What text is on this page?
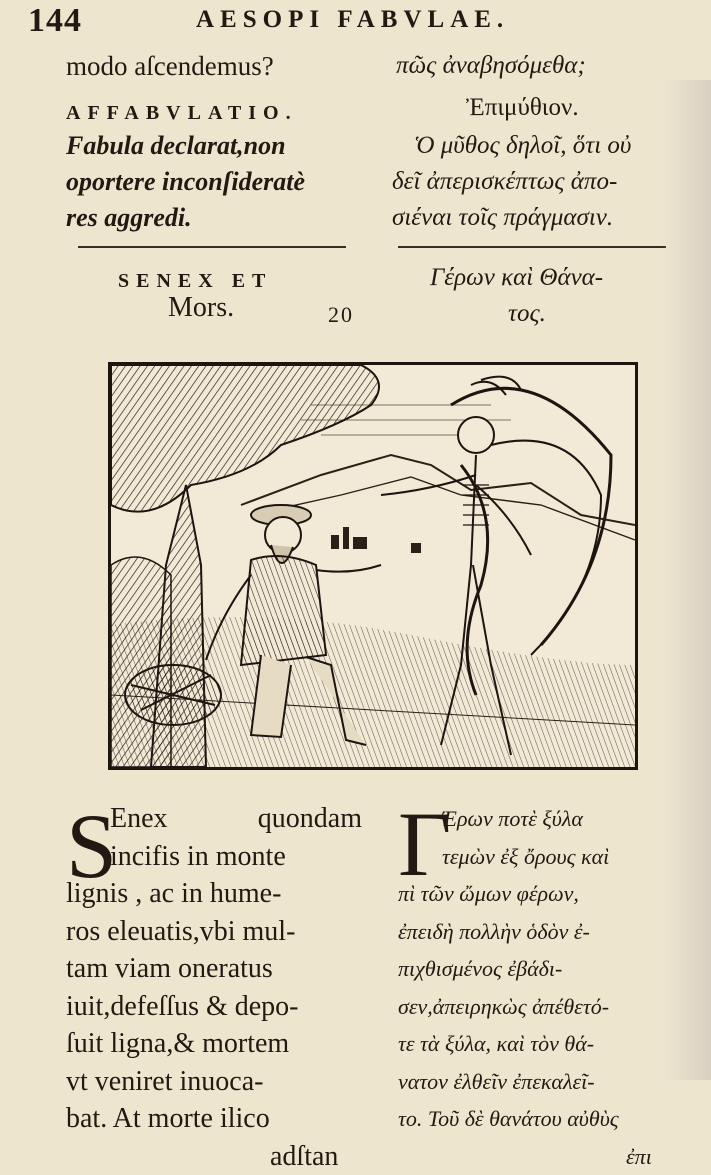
144	AESOPI FABVLAE.
modo aſcendemus?
AFFABVLATIO.
Fabula declarat,non
oportere inconſideratè
res aggredi.
πῶς ἀναβησόμεθα;
Ἐπιμύθιον.
Ὁ μῦθος δηλοῖ, ὅτι οὐ
δεῖ ἀπερισκέπτως ἀπο-
σιέναι τοῖς πράγμασιν.
SENEX ET
Mors.	20
Γέρων καὶ Θάνα-
τος.
S
Enex	quondam
incifis in monte
lignis , ac in hume-
ros eleuatis,vbi mul-
tam viam oneratus
iuit,defeſſus & depo-
ſuit ligna,& mortem
vt veniret inuoca-
bat. At morte ilico
adſtan
Γ
Έρων ποτὲ ξύλα
τεμὼν ἐξ ὄρους καὶ
πὶ τῶν ὤμων φέρων,
ἐπειδὴ πολλὴν ὁδὸν ἐ-
πιχθισμένος ἐβάδι-
σεν,ἀπειρηκὼς ἀπέθετό-
τε τὰ ξύλα, καὶ τὸν θά-
νατον ἐλθεῖν ἐπεκαλεῖ-
το. Τοῦ δὲ θανάτου αὐθὺς
ἐπι
